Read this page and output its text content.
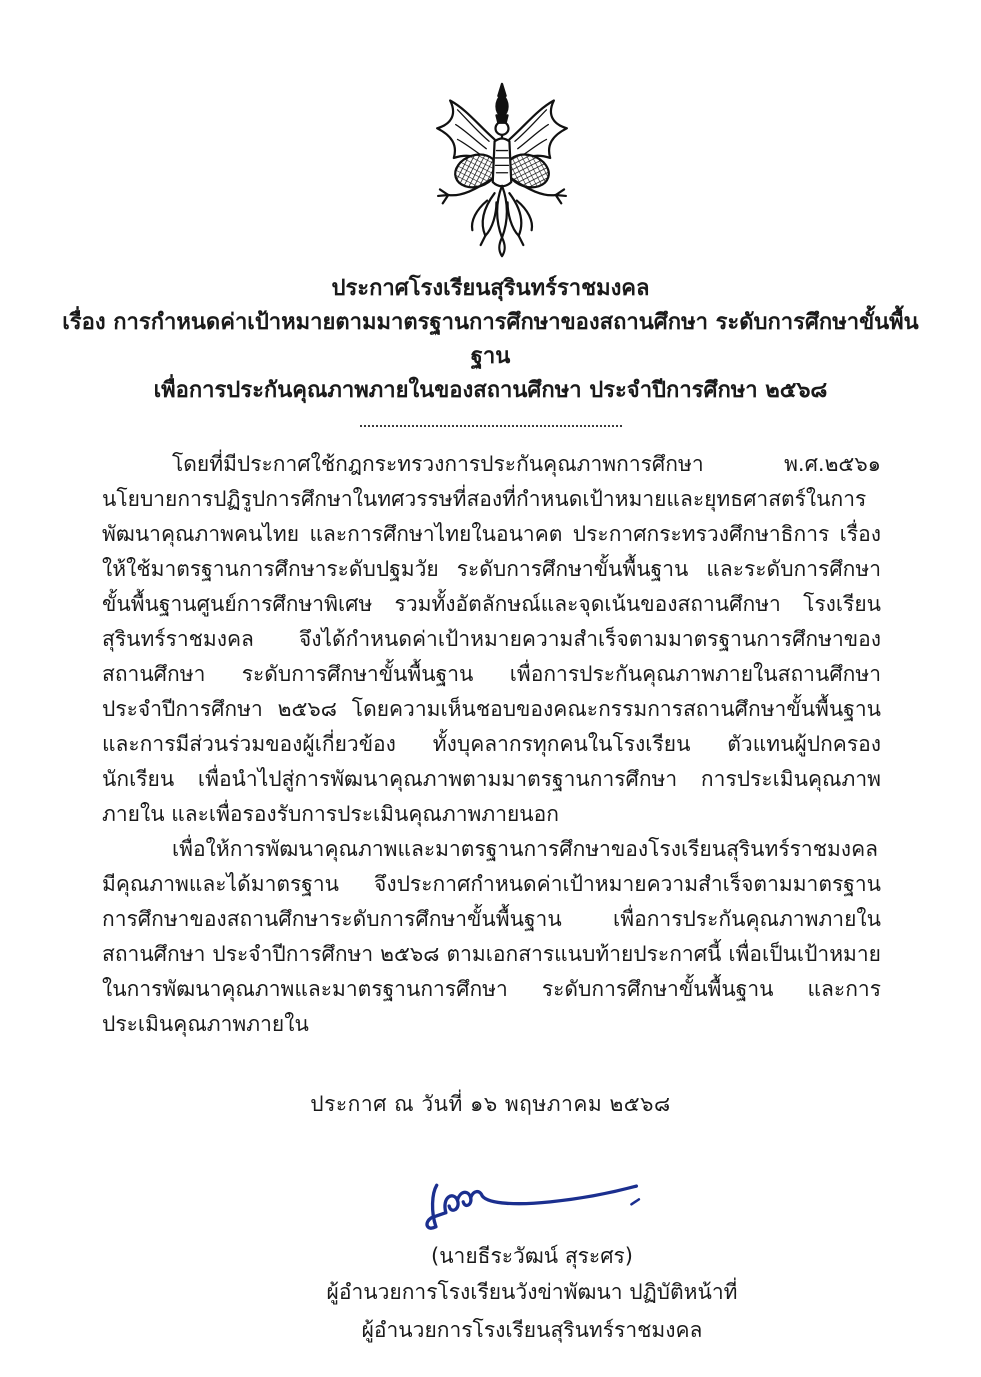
ประกาศโรงเรียนสุรินทร์ราชมงคล
เรื่อง การกำหนดค่าเป้าหมายตามมาตรฐานการศึกษาของสถานศึกษา ระดับการศึกษาขั้นพื้นฐาน
เพื่อการประกันคุณภาพภายในของสถานศึกษา ประจำปีการศึกษา ๒๕๖๘

โดยที่มีประกาศใช้กฎกระทรวงการประกันคุณภาพการศึกษา พ.ศ.๒๕๖๑ นโยบายการปฏิรูปการศึกษาในทศวรรษที่สองที่กำหนดเป้าหมายและยุทธศาสตร์ในการพัฒนาคุณภาพคนไทย และการศึกษาไทยในอนาคต ประกาศกระทรวงศึกษาธิการ เรื่อง ให้ใช้มาตรฐานการศึกษาระดับปฐมวัย ระดับการศึกษาขั้นพื้นฐาน และระดับการศึกษาขั้นพื้นฐานศูนย์การศึกษาพิเศษ รวมทั้งอัตลักษณ์และจุดเน้นของสถานศึกษา โรงเรียนสุรินทร์ราชมงคล จึงได้กำหนดค่าเป้าหมายความสำเร็จตามมาตรฐานการศึกษาของสถานศึกษา ระดับการศึกษาขั้นพื้นฐาน เพื่อการประกันคุณภาพภายในสถานศึกษา ประจำปีการศึกษา ๒๕๖๘ โดยความเห็นชอบของคณะกรรมการสถานศึกษาขั้นพื้นฐาน และการมีส่วนร่วมของผู้เกี่ยวข้อง ทั้งบุคลากรทุกคนในโรงเรียน ตัวแทนผู้ปกครองนักเรียน เพื่อนำไปสู่การพัฒนาคุณภาพตามมาตรฐานการศึกษา การประเมินคุณภาพภายใน และเพื่อรองรับการประเมินคุณภาพภายนอก

เพื่อให้การพัฒนาคุณภาพและมาตรฐานการศึกษาของโรงเรียนสุรินทร์ราชมงคล มีคุณภาพและได้มาตรฐาน จึงประกาศกำหนดค่าเป้าหมายความสำเร็จตามมาตรฐานการศึกษาของสถานศึกษาระดับการศึกษาขั้นพื้นฐาน เพื่อการประกันคุณภาพภายในสถานศึกษา ประจำปีการศึกษา ๒๕๖๘ ตามเอกสารแนบท้ายประกาศนี้ เพื่อเป็นเป้าหมายในการพัฒนาคุณภาพและมาตรฐานการศึกษา ระดับการศึกษาขั้นพื้นฐาน และการประเมินคุณภาพภายใน

ประกาศ ณ วันที่ ๑๖ พฤษภาคม ๒๕๖๘
(นายธีระวัฒน์ สุระศร)
ผู้อำนวยการโรงเรียนวังข่าพัฒนา ปฏิบัติหน้าที่
ผู้อำนวยการโรงเรียนสุรินทร์ราชมงคล
